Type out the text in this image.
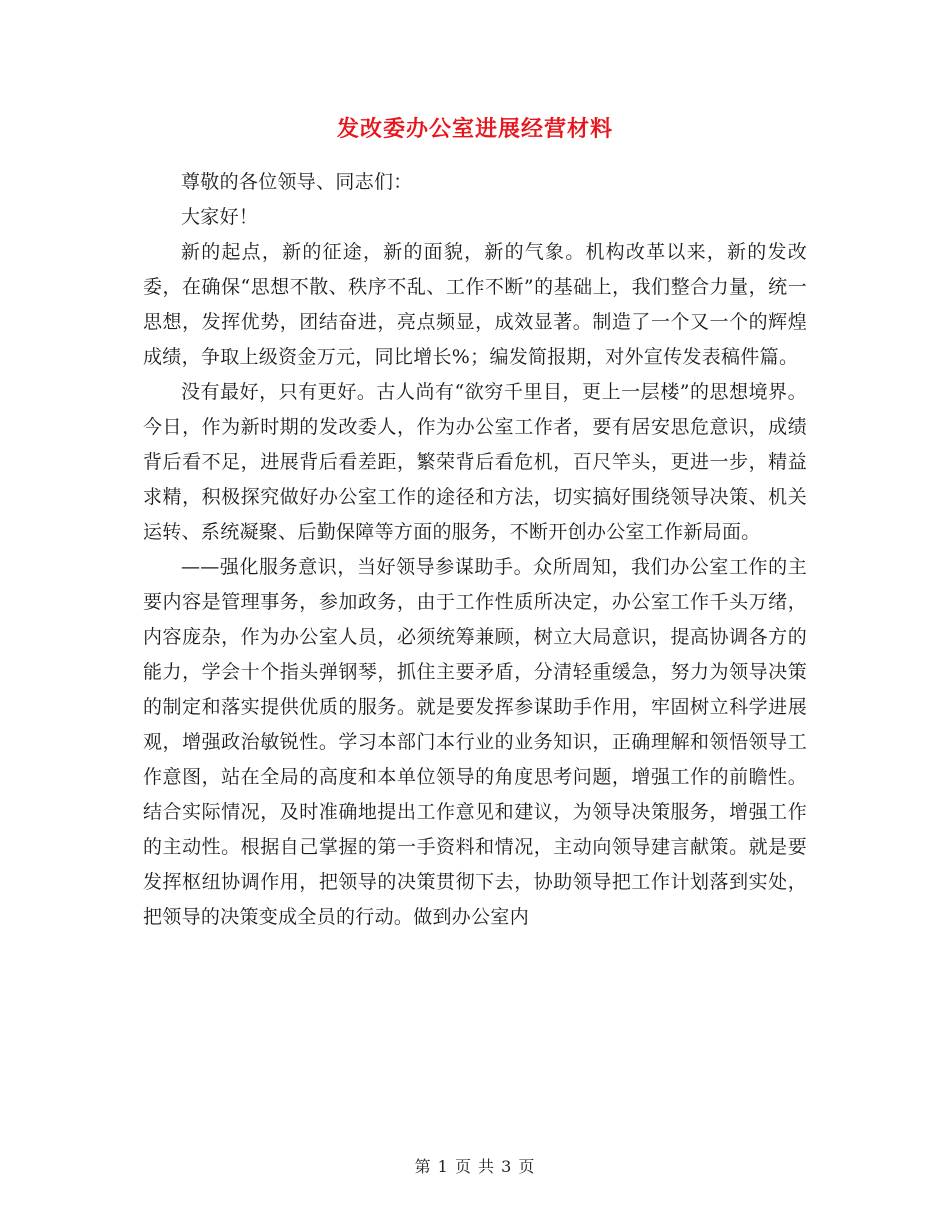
发改委办公室进展经营材料

尊敬的各位领导、同志们：

大家好！

新的起点，新的征途，新的面貌，新的气象。机构改革以来，新的发改委，在确保“思想不散、秩序不乱、工作不断”的基础上，我们整合力量，统一思想，发挥优势，团结奋进，亮点频显，成效显著。制造了一个又一个的辉煌成绩，争取上级资金万元，同比增长%；编发简报期，对外宣传发表稿件篇。

没有最好，只有更好。古人尚有“欲穷千里目，更上一层楼”的思想境界。今日，作为新时期的发改委人，作为办公室工作者，要有居安思危意识，成绩背后看不足，进展背后看差距，繁荣背后看危机，百尺竿头，更进一步，精益求精，积极探究做好办公室工作的途径和方法，切实搞好围绕领导决策、机关运转、系统凝聚、后勤保障等方面的服务，不断开创办公室工作新局面。

——强化服务意识，当好领导参谋助手。众所周知，我们办公室工作的主要内容是管理事务，参加政务，由于工作性质所决定，办公室工作千头万绪，内容庞杂，作为办公室人员，必须统筹兼顾，树立大局意识，提高协调各方的能力，学会十个指头弹钢琴，抓住主要矛盾，分清轻重缓急，努力为领导决策的制定和落实提供优质的服务。就是要发挥参谋助手作用，牢固树立科学进展观，增强政治敏锐性。学习本部门本行业的业务知识，正确理解和领悟领导工作意图，站在全局的高度和本单位领导的角度思考问题，增强工作的前瞻性。结合实际情况，及时准确地提出工作意见和建议，为领导决策服务，增强工作的主动性。根据自己掌握的第一手资料和情况，主动向领导建言献策。就是要发挥枢纽协调作用，把领导的决策贯彻下去，协助领导把工作计划落到实处，把领导的决策变成全员的行动。做到办公室内

第 1 页 共 3 页
